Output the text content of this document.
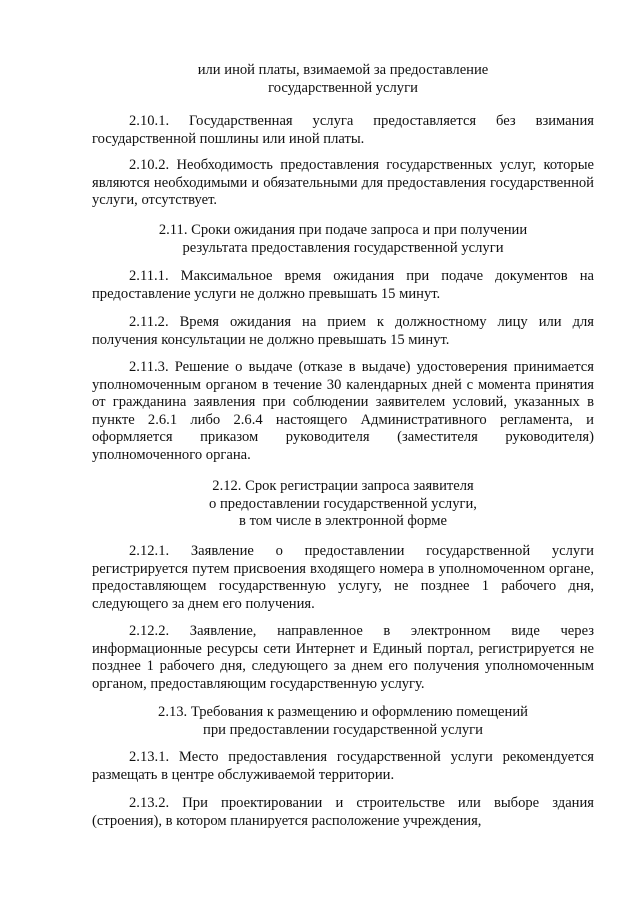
или иной платы, взимаемой за предоставление
государственной услуги
2.10.1. Государственная услуга предоставляется без взимания государственной пошлины или иной платы.
2.10.2. Необходимость предоставления государственных услуг, которые являются необходимыми и обязательными для предоставления государственной услуги, отсутствует.
2.11. Сроки ожидания при подаче запроса и при получении
результата предоставления государственной услуги
2.11.1. Максимальное время ожидания при подаче документов на предоставление услуги не должно превышать 15 минут.
2.11.2. Время ожидания на прием к должностному лицу или для получения консультации не должно превышать 15 минут.
2.11.3. Решение о выдаче (отказе в выдаче) удостоверения принимается уполномоченным органом в течение 30 календарных дней с момента принятия от гражданина заявления при соблюдении заявителем условий, указанных в пункте 2.6.1 либо 2.6.4 настоящего Административного регламента, и оформляется приказом руководителя (заместителя руководителя) уполномоченного органа.
2.12. Срок регистрации запроса заявителя
о предоставлении государственной услуги,
в том числе в электронной форме
2.12.1. Заявление о предоставлении государственной услуги регистрируется путем присвоения входящего номера в уполномоченном органе, предоставляющем государственную услугу, не позднее 1 рабочего дня, следующего за днем его получения.
2.12.2. Заявление, направленное в электронном виде через информационные ресурсы сети Интернет и Единый портал, регистрируется не позднее 1 рабочего дня, следующего за днем его получения уполномоченным органом, предоставляющим государственную услугу.
2.13. Требования к размещению и оформлению помещений
при предоставлении государственной услуги
2.13.1. Место предоставления государственной услуги рекомендуется размещать в центре обслуживаемой территории.
2.13.2. При проектировании и строительстве или выборе здания (строения), в котором планируется расположение учреждения,
